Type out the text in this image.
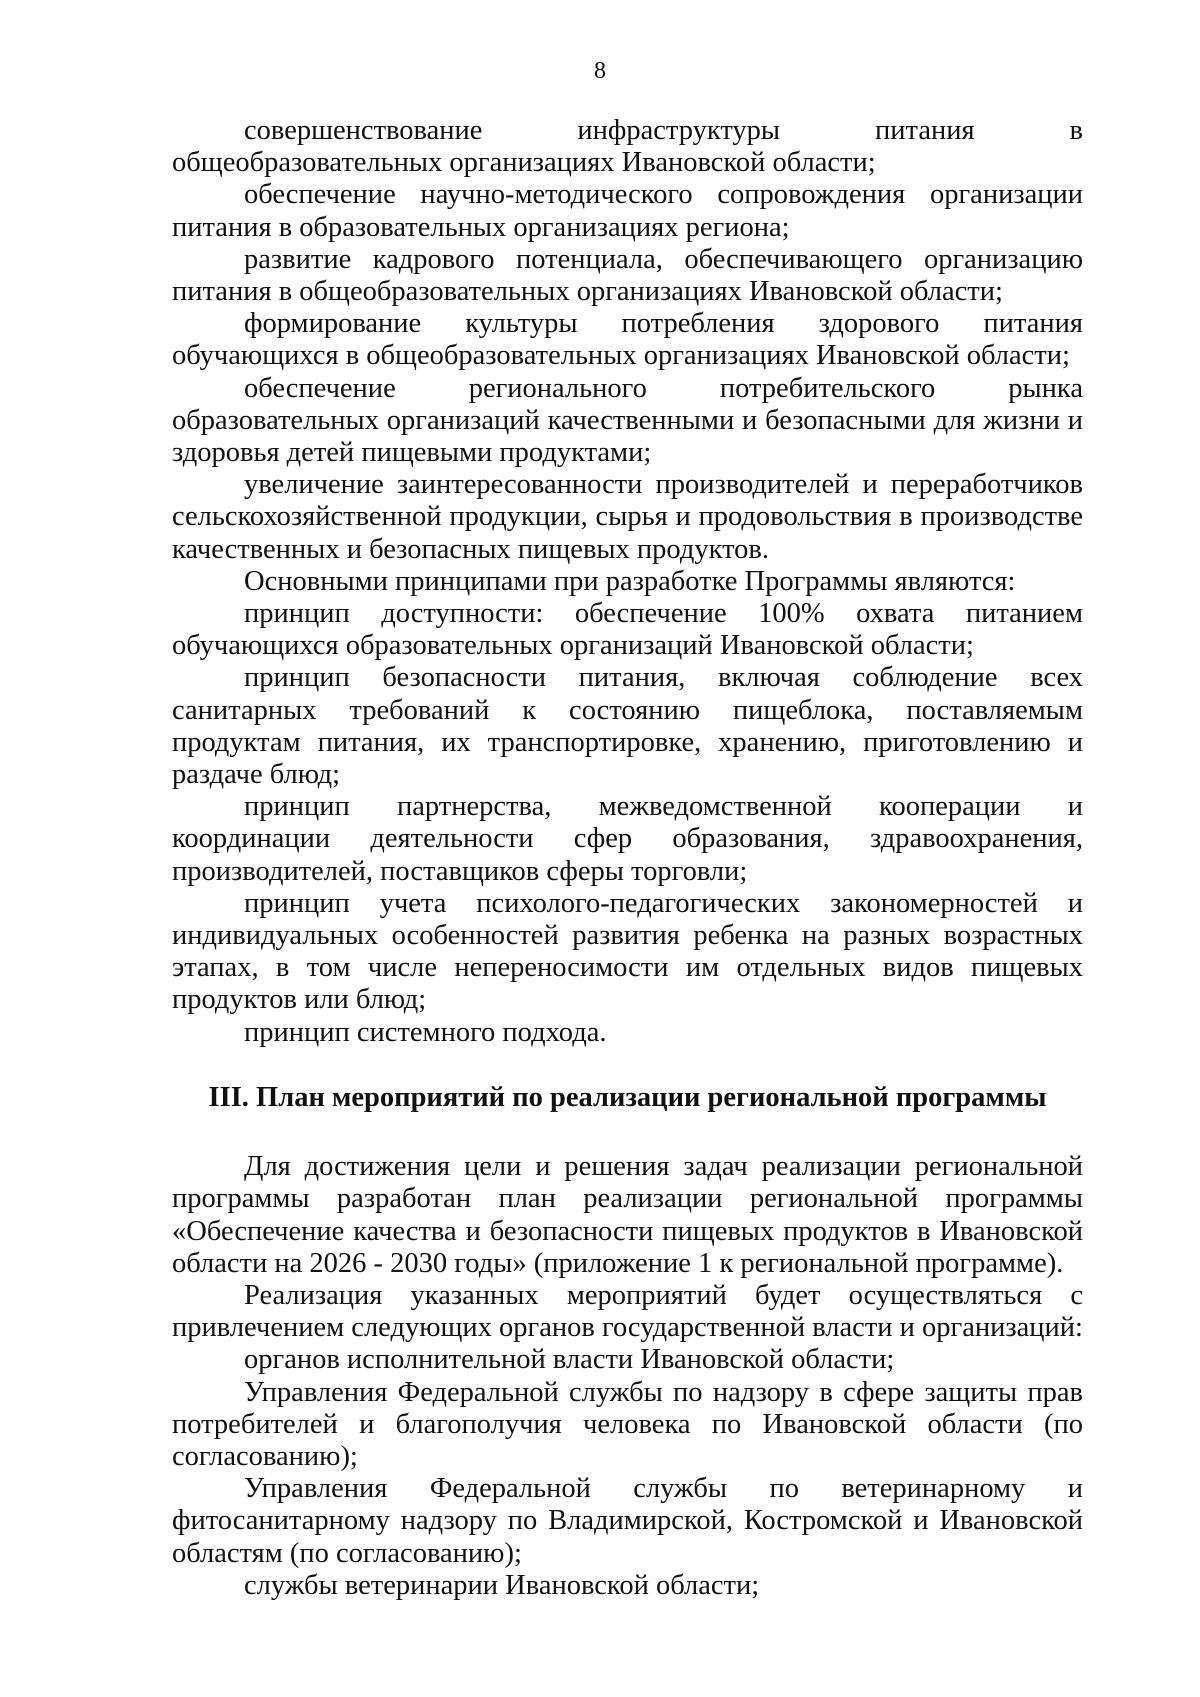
8

совершенствование инфраструктуры питания в общеобразовательных организациях Ивановской области;

обеспечение научно-методического сопровождения организации питания в образовательных организациях региона;

развитие кадрового потенциала, обеспечивающего организацию питания в общеобразовательных организациях Ивановской области;

формирование культуры потребления здорового питания обучающихся в общеобразовательных организациях Ивановской области;

обеспечение регионального потребительского рынка образовательных организаций качественными и безопасными для жизни и здоровья детей пищевыми продуктами;

увеличение заинтересованности производителей и переработчиков сельскохозяйственной продукции, сырья и продовольствия в производстве качественных и безопасных пищевых продуктов.

Основными принципами при разработке Программы являются:

принцип доступности: обеспечение 100% охвата питанием обучающихся образовательных организаций Ивановской области;

принцип безопасности питания, включая соблюдение всех санитарных требований к состоянию пищеблока, поставляемым продуктам питания, их транспортировке, хранению, приготовлению и раздаче блюд;

принцип партнерства, межведомственной кооперации и координации деятельности сфер образования, здравоохранения, производителей, поставщиков сферы торговли;

принцип учета психолого-педагогических закономерностей и индивидуальных особенностей развития ребенка на разных возрастных этапах, в том числе непереносимости им отдельных видов пищевых продуктов или блюд;

принцип системного подхода.

III. План мероприятий по реализации региональной программы

Для достижения цели и решения задач реализации региональной программы разработан план реализации региональной программы «Обеспечение качества и безопасности пищевых продуктов в Ивановской области на 2026 - 2030 годы» (приложение 1 к региональной программе).

Реализация указанных мероприятий будет осуществляться с привлечением следующих органов государственной власти и организаций:

органов исполнительной власти Ивановской области;

Управления Федеральной службы по надзору в сфере защиты прав потребителей и благополучия человека по Ивановской области (по согласованию);

Управления Федеральной службы по ветеринарному и фитосанитарному надзору по Владимирской, Костромской и Ивановской областям (по согласованию);

службы ветеринарии Ивановской области;
